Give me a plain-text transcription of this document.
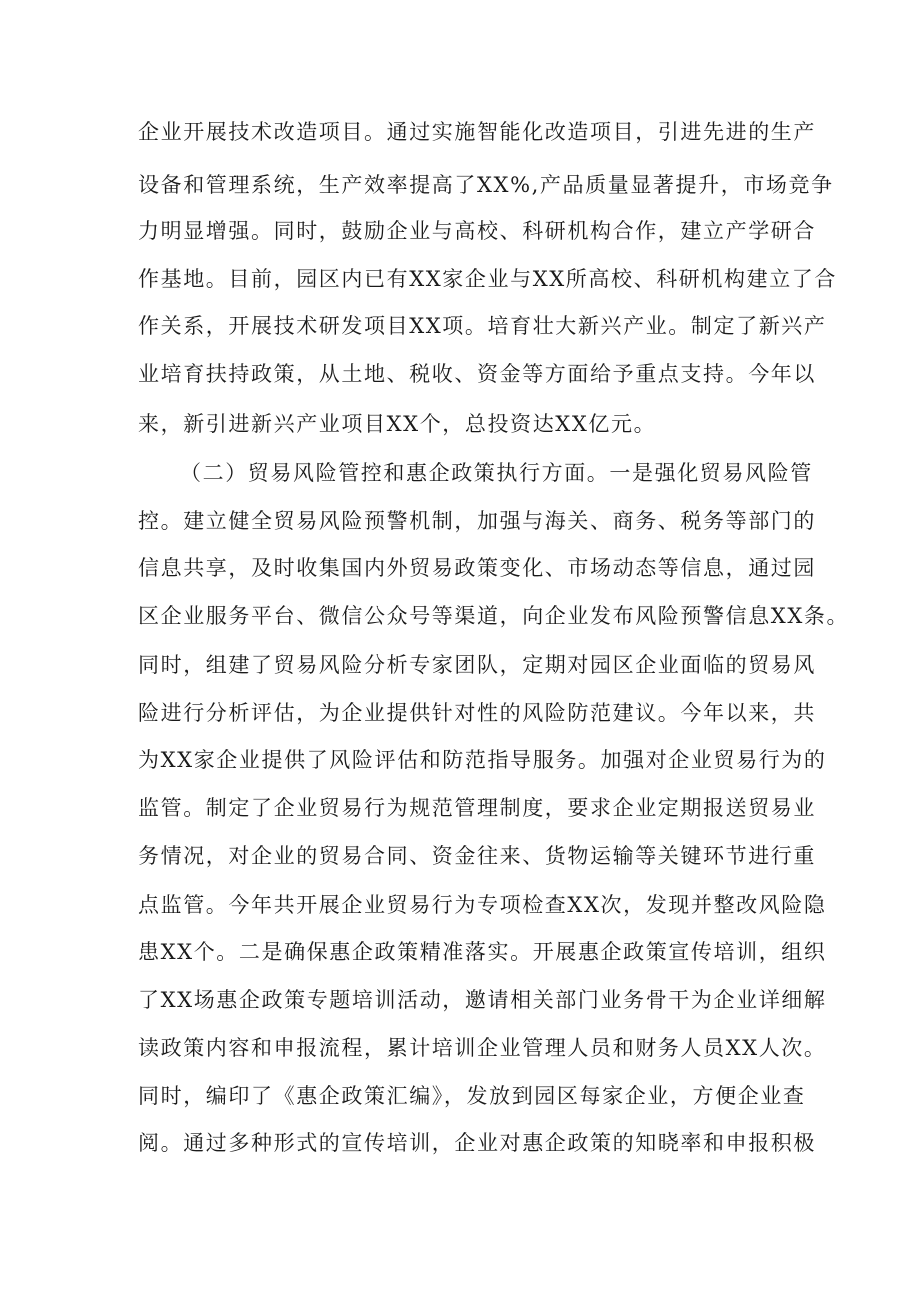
企业开展技术改造项目。通过实施智能化改造项目，引进先进的生产
设备和管理系统，生产效率提高了XX%,产品质量显著提升，市场竞争
力明显增强。同时，鼓励企业与高校、科研机构合作，建立产学研合
作基地。目前，园区内已有XX家企业与XX所高校、科研机构建立了合
作关系，开展技术研发项目XX项。培育壮大新兴产业。制定了新兴产
业培育扶持政策，从土地、税收、资金等方面给予重点支持。今年以
来，新引进新兴产业项目XX个，总投资达XX亿元。
（二）贸易风险管控和惠企政策执行方面。一是强化贸易风险管
控。建立健全贸易风险预警机制，加强与海关、商务、税务等部门的
信息共享，及时收集国内外贸易政策变化、市场动态等信息，通过园
区企业服务平台、微信公众号等渠道，向企业发布风险预警信息XX条。
同时，组建了贸易风险分析专家团队，定期对园区企业面临的贸易风
险进行分析评估，为企业提供针对性的风险防范建议。今年以来，共
为XX家企业提供了风险评估和防范指导服务。加强对企业贸易行为的
监管。制定了企业贸易行为规范管理制度，要求企业定期报送贸易业
务情况，对企业的贸易合同、资金往来、货物运输等关键环节进行重
点监管。今年共开展企业贸易行为专项检查XX次，发现并整改风险隐
患XX个。二是确保惠企政策精准落实。开展惠企政策宣传培训，组织
了XX场惠企政策专题培训活动，邀请相关部门业务骨干为企业详细解
读政策内容和申报流程，累计培训企业管理人员和财务人员XX人次。
同时，编印了《惠企政策汇编》，发放到园区每家企业，方便企业查
阅。通过多种形式的宣传培训，企业对惠企政策的知晓率和申报积极
